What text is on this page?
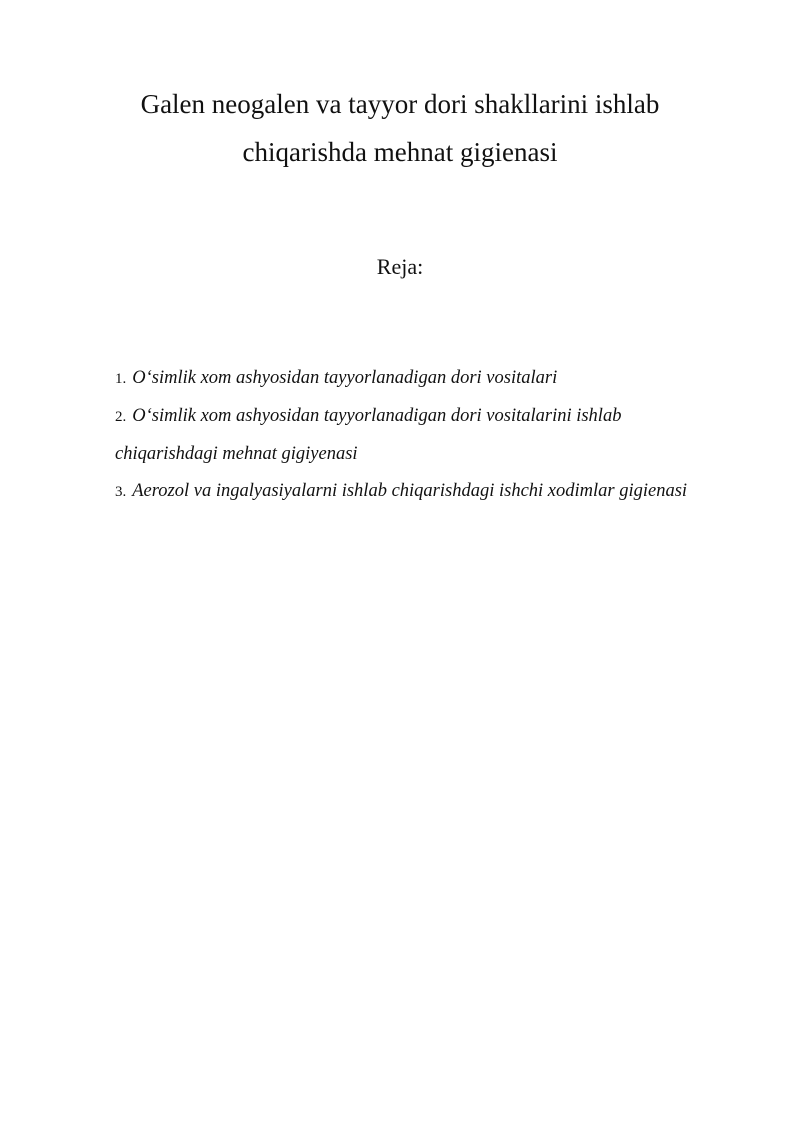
Galen neogalen va tayyor dori shakllarini ishlab
chiqarishda mehnat gigienasi

Reja:

1. O‘simlik xom ashyosidan tayyorlanadigan dori vositalari

2. O‘simlik xom ashyosidan tayyorlanadigan dori vositalarini ishlab chiqarishdagi mehnat gigiyenasi

3. Aerozol va ingalyasiyalarni ishlab chiqarishdagi ishchi xodimlar gigienasi
